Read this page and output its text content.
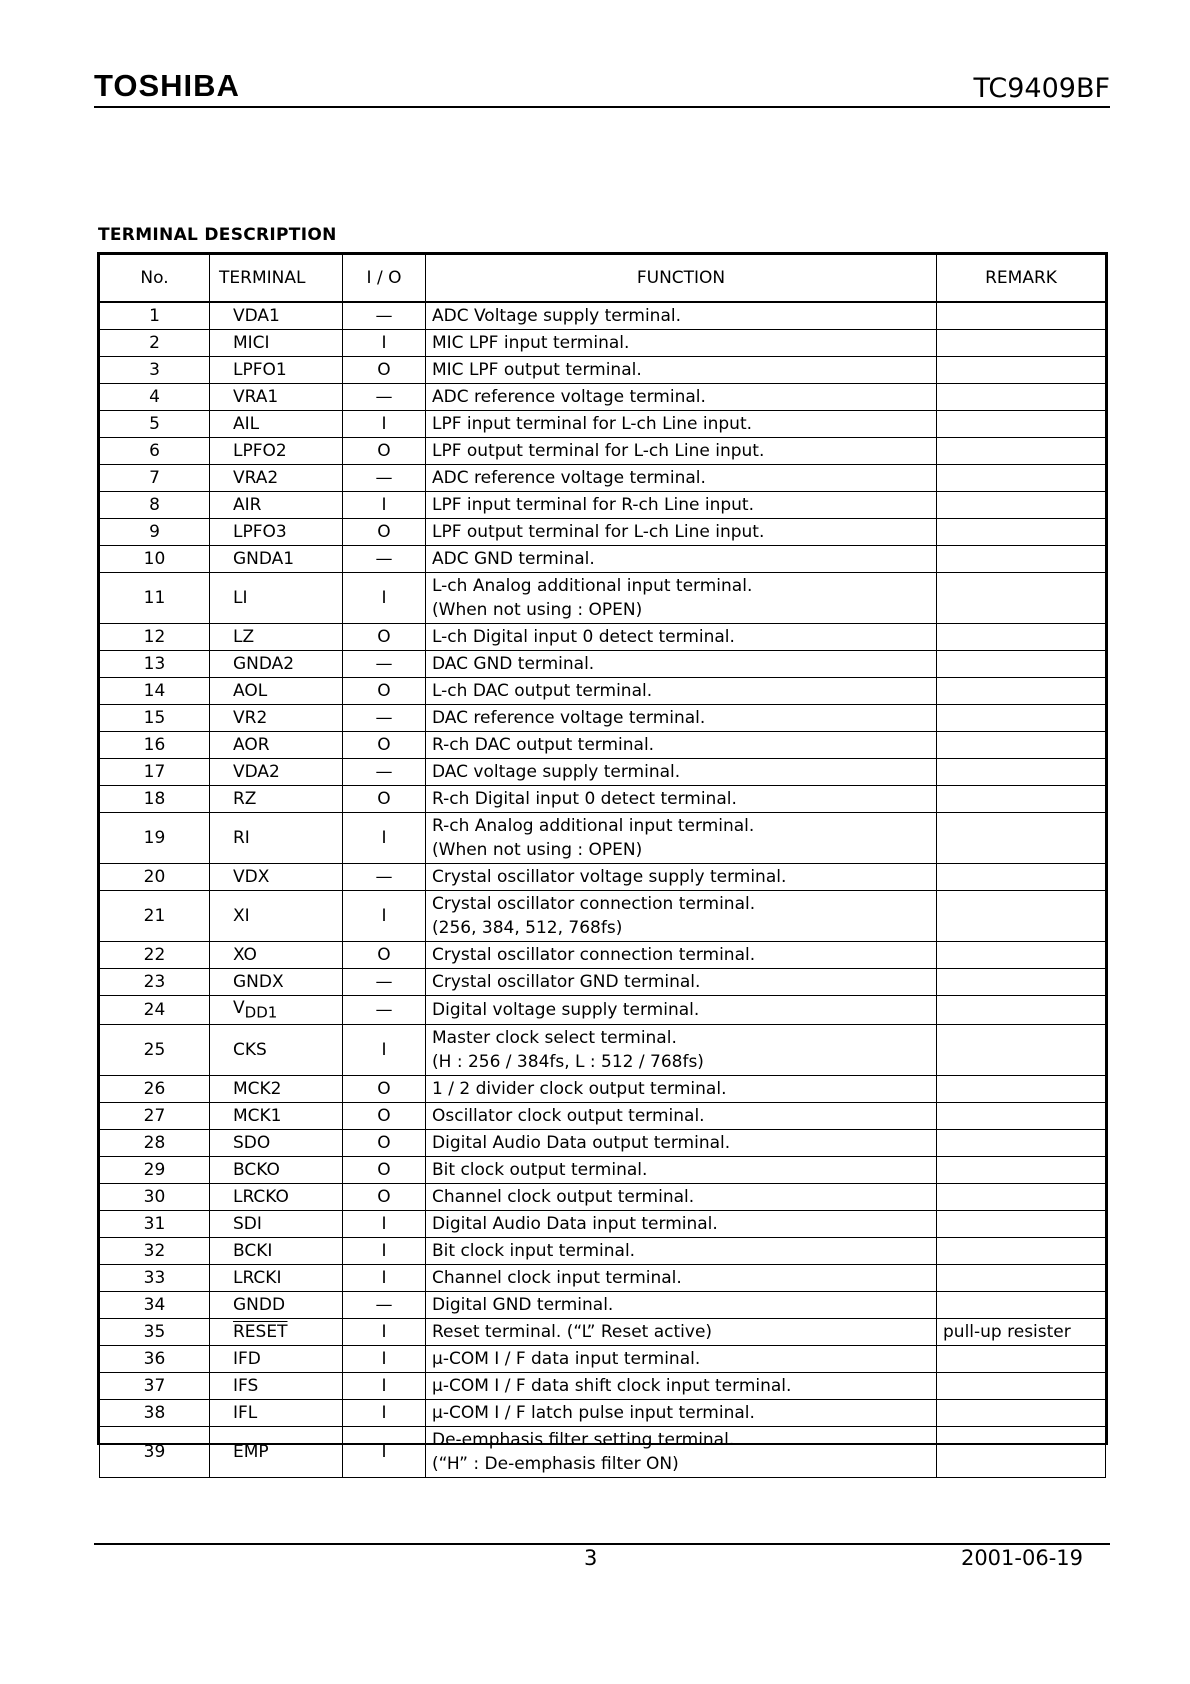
TOSHIBA	TC9409BF
TERMINAL DESCRIPTION
No.	TERMINAL	I / O	FUNCTION	REMARK
1	VDA1	—	ADC Voltage supply terminal.	

2	MICI	I	MIC LPF input terminal.	

3	LPFO1	O	MIC LPF output terminal.	

4	VRA1	—	ADC reference voltage terminal.	

5	AIL	I	LPF input terminal for L-ch Line input.	

6	LPFO2	O	LPF output terminal for L-ch Line input.	

7	VRA2	—	ADC reference voltage terminal.	

8	AIR	I	LPF input terminal for R-ch Line input.	

9	LPFO3	O	LPF output terminal for L-ch Line input.	

10	GNDA1	—	ADC GND terminal.	

11	LI	I	L-ch Analog additional input terminal.
(When not using : OPEN)	

12	LZ	O	L-ch Digital input 0 detect terminal.	

13	GNDA2	—	DAC GND terminal.	

14	AOL	O	L-ch DAC output terminal.	

15	VR2	—	DAC reference voltage terminal.	

16	AOR	O	R-ch DAC output terminal.	

17	VDA2	—	DAC voltage supply terminal.	

18	RZ	O	R-ch Digital input 0 detect terminal.	

19	RI	I	R-ch Analog additional input terminal.
(When not using : OPEN)	

20	VDX	—	Crystal oscillator voltage supply terminal.	

21	XI	I	Crystal oscillator connection terminal.
(256, 384, 512, 768fs)	

22	XO	O	Crystal oscillator connection terminal.	

23	GNDX	—	Crystal oscillator GND terminal.	

24	$V_{DD1}$	—	Digital voltage supply terminal.	

25	CKS	I	Master clock select terminal.
(H : 256 / 384fs, L : 512 / 768fs)	

26	MCK2	O	1 / 2 divider clock output terminal.	

27	MCK1	O	Oscillator clock output terminal.	

28	SDO	O	Digital Audio Data output terminal.	

29	BCKO	O	Bit clock output terminal.	

30	LRCKO	O	Channel clock output terminal.	

31	SDI	I	Digital Audio Data input terminal.	

32	BCKI	I	Bit clock input terminal.	

33	LRCKI	I	Channel clock input terminal.	

34	GNDD	—	Digital GND terminal.	

35	RESET	I	Reset terminal. (“L” Reset active)	pull-up resister
36	IFD	I	μ-COM I / F data input terminal.	

37	IFS	I	μ-COM I / F data shift clock input terminal.	

38	IFL	I	μ-COM I / F latch pulse input terminal.	

39	EMP	I	De-emphasis filter setting terminal.
(“H” : De-emphasis filter ON)	

3	2001-06-19
